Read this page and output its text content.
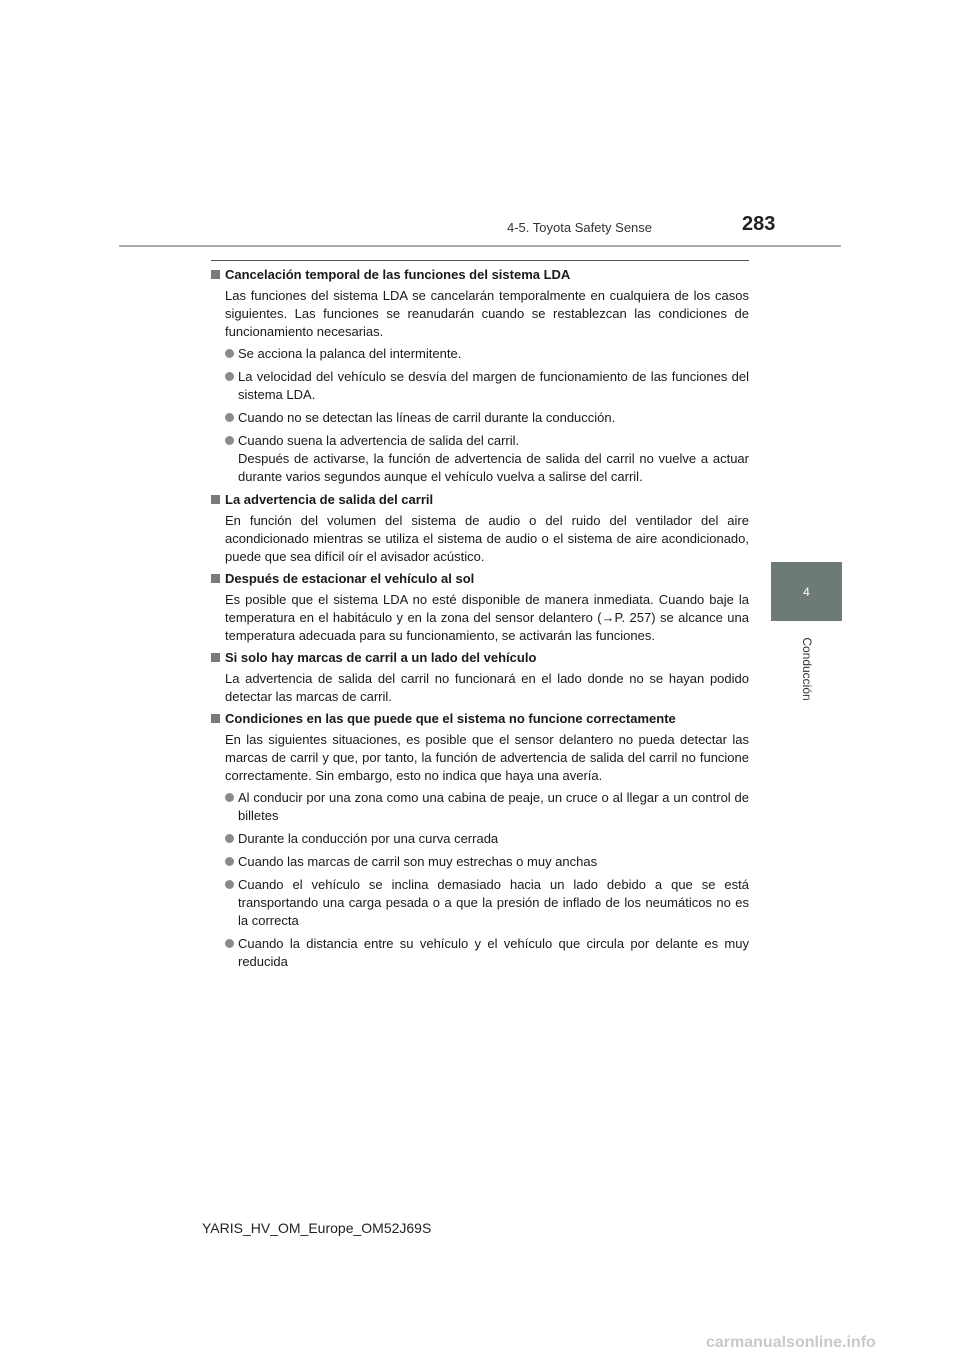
4-5. Toyota Safety Sense	283
4
Conducción
Cancelación temporal de las funciones del sistema LDA
Las funciones del sistema LDA se cancelarán temporalmente en cualquiera de los casos siguientes. Las funciones se reanudarán cuando se restablezcan las condiciones de funcionamiento necesarias.
Se acciona la palanca del intermitente.
La velocidad del vehículo se desvía del margen de funcionamiento de las funciones del sistema LDA.
Cuando no se detectan las líneas de carril durante la conducción.
Cuando suena la advertencia de salida del carril.
Después de activarse, la función de advertencia de salida del carril no vuelve a actuar durante varios segundos aunque el vehículo vuelva a salirse del carril.
La advertencia de salida del carril
En función del volumen del sistema de audio o del ruido del ventilador del aire acondicionado mientras se utiliza el sistema de audio o el sistema de aire acondicionado, puede que sea difícil oír el avisador acústico.
Después de estacionar el vehículo al sol
Es posible que el sistema LDA no esté disponible de manera inmediata. Cuando baje la temperatura en el habitáculo y en la zona del sensor delantero (→P. 257) se alcance una temperatura adecuada para su funcionamiento, se activarán las funciones.
Si solo hay marcas de carril a un lado del vehículo
La advertencia de salida del carril no funcionará en el lado donde no se hayan podido detectar las marcas de carril.
Condiciones en las que puede que el sistema no funcione correctamente
En las siguientes situaciones, es posible que el sensor delantero no pueda detectar las marcas de carril y que, por tanto, la función de advertencia de salida del carril no funcione correctamente. Sin embargo, esto no indica que haya una avería.
Al conducir por una zona como una cabina de peaje, un cruce o al llegar a un control de billetes
Durante la conducción por una curva cerrada
Cuando las marcas de carril son muy estrechas o muy anchas
Cuando el vehículo se inclina demasiado hacia un lado debido a que se está transportando una carga pesada o a que la presión de inflado de los neumáticos no es la correcta
Cuando la distancia entre su vehículo y el vehículo que circula por delante es muy reducida
YARIS_HV_OM_Europe_OM52J69S
carmanualsonline.info
